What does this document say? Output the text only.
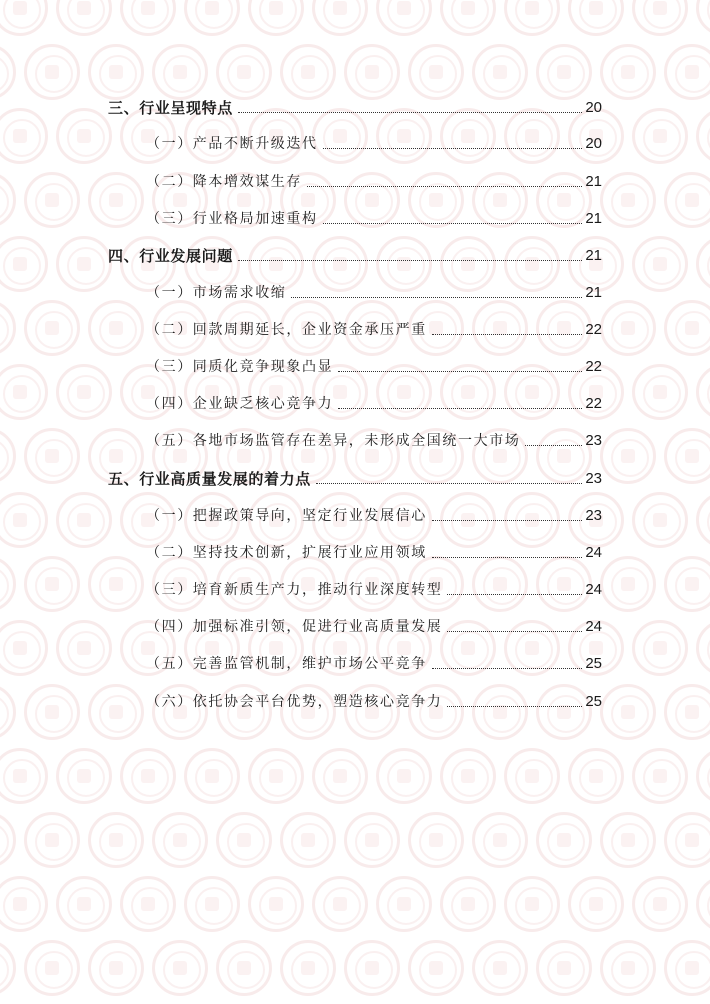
三、行业呈现特点	20
（一）产品不断升级迭代	20
（二）降本增效谋生存	21
（三）行业格局加速重构	21
四、行业发展问题	21
（一）市场需求收缩	21
（二）回款周期延长，企业资金承压严重	22
（三）同质化竞争现象凸显	22
（四）企业缺乏核心竞争力	22
（五）各地市场监管存在差异，未形成全国统一大市场	23
五、行业高质量发展的着力点	23
（一）把握政策导向，坚定行业发展信心	23
（二）坚持技术创新，扩展行业应用领域	24
（三）培育新质生产力，推动行业深度转型	24
（四）加强标准引领，促进行业高质量发展	24
（五）完善监管机制，维护市场公平竞争	25
（六）依托协会平台优势，塑造核心竞争力	25
